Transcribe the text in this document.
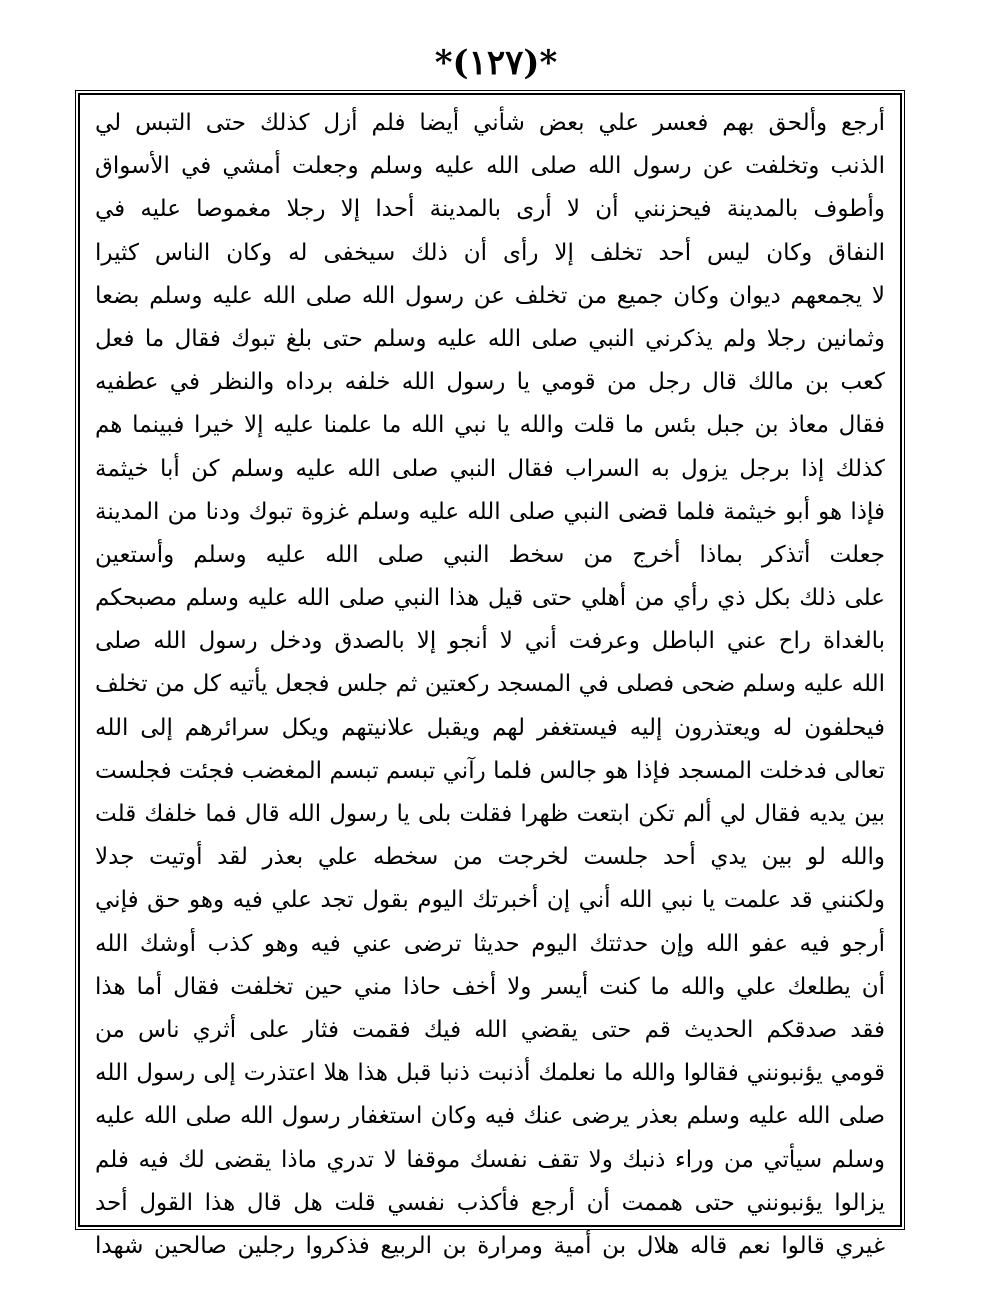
*(١٢٧)*
أرجع وألحق بهم فعسر علي بعض شأني أيضا فلم أزل كذلك حتى التبس لي
الذنب وتخلفت عن رسول الله صلى الله عليه وسلم وجعلت أمشي في الأسواق
وأطوف بالمدينة فيحزنني أن لا أرى بالمدينة أحدا إلا رجلا مغموصا عليه في
النفاق وكان ليس أحد تخلف إلا رأى أن ذلك سيخفى له وكان الناس كثيرا
لا يجمعهم ديوان وكان جميع من تخلف عن رسول الله صلى الله عليه وسلم بضعا
وثمانين رجلا ولم يذكرني النبي صلى الله عليه وسلم حتى بلغ تبوك فقال ما فعل
كعب بن مالك قال رجل من قومي يا رسول الله خلفه برداه والنظر في عطفيه
فقال معاذ بن جبل بئس ما قلت والله يا نبي الله ما علمنا عليه إلا خيرا فبينما هم
كذلك إذا برجل يزول به السراب فقال النبي صلى الله عليه وسلم كن أبا خيثمة
فإذا هو أبو خيثمة فلما قضى النبي صلى الله عليه وسلم غزوة تبوك ودنا من المدينة
جعلت أتذكر بماذا أخرج من سخط النبي صلى الله عليه وسلم وأستعين
على ذلك بكل ذي رأي من أهلي حتى قيل هذا النبي صلى الله عليه وسلم مصبحكم
بالغداة راح عني الباطل وعرفت أني لا أنجو إلا بالصدق ودخل رسول الله صلى
الله عليه وسلم ضحى فصلى في المسجد ركعتين ثم جلس فجعل يأتيه كل من تخلف
فيحلفون له ويعتذرون إليه فيستغفر لهم ويقبل علانيتهم ويكل سرائرهم إلى الله
تعالى فدخلت المسجد فإذا هو جالس فلما رآني تبسم تبسم المغضب فجئت فجلست
بين يديه فقال لي ألم تكن ابتعت ظهرا فقلت بلى يا رسول الله قال فما خلفك قلت
والله لو بين يدي أحد جلست لخرجت من سخطه علي بعذر لقد أوتيت جدلا
ولكنني قد علمت يا نبي الله أني إن أخبرتك اليوم بقول تجد علي فيه وهو حق فإني
أرجو فيه عفو الله وإن حدثتك اليوم حديثا ترضى عني فيه وهو كذب أوشك الله
أن يطلعك علي والله ما كنت أيسر ولا أخف حاذا مني حين تخلفت فقال أما هذا
فقد صدقكم الحديث قم حتى يقضي الله فيك فقمت فثار على أثري ناس من
قومي يؤنبونني فقالوا والله ما نعلمك أذنبت ذنبا قبل هذا هلا اعتذرت إلى رسول الله
صلى الله عليه وسلم بعذر يرضى عنك فيه وكان استغفار رسول الله صلى الله عليه
وسلم سيأتي من وراء ذنبك ولا تقف نفسك موقفا لا تدري ماذا يقضى لك فيه فلم
يزالوا يؤنبونني حتى هممت أن أرجع فأكذب نفسي قلت هل قال هذا القول أحد
غيري قالوا نعم قاله هلال بن أمية ومرارة بن الربيع فذكروا رجلين صالحين شهدا
